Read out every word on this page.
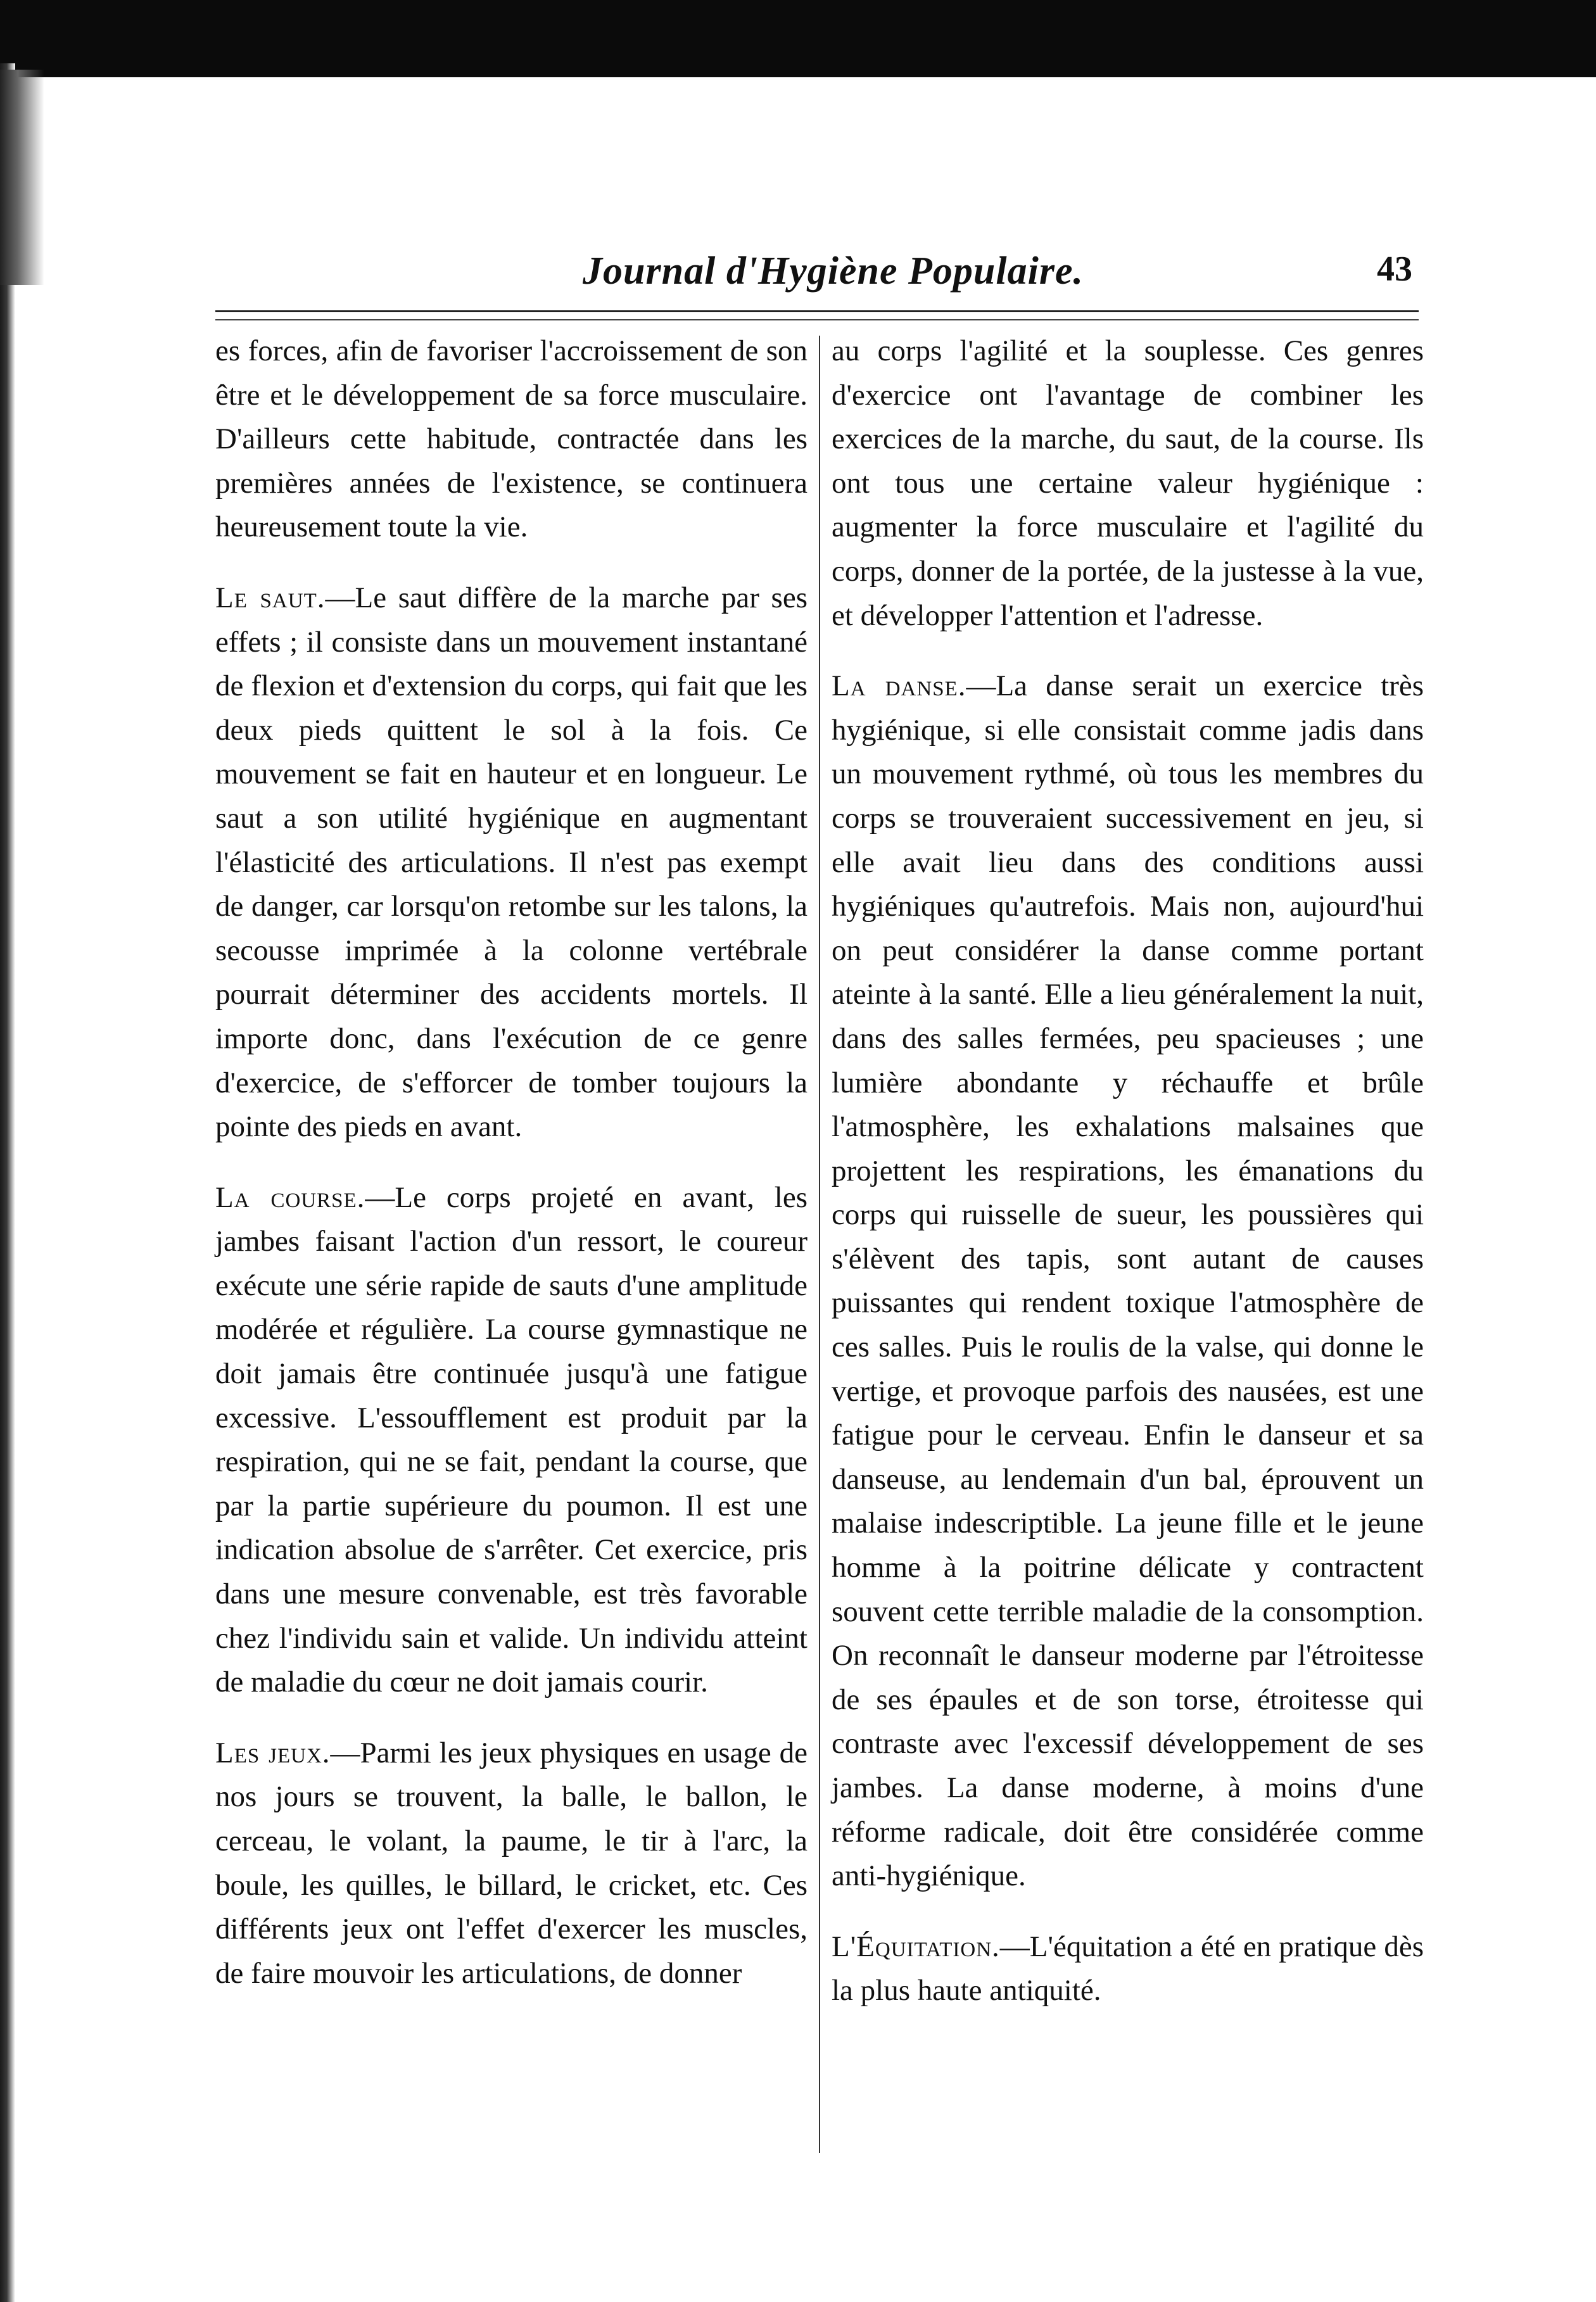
Journal d'Hygiène Populaire.	43

es forces, afin de favoriser l'accroissement de son être et le développement de sa force musculaire. D'ailleurs cette habitude, contractée dans les premières années de l'existence, se continuera heureusement toute la vie.

Le saut.—Le saut diffère de la marche par ses effets ; il consiste dans un mouvement instantané de flexion et d'extension du corps, qui fait que les deux pieds quittent le sol à la fois. Ce mouvement se fait en hauteur et en longueur. Le saut a son utilité hygiénique en augmentant l'élasticité des articulations. Il n'est pas exempt de danger, car lorsqu'on retombe sur les talons, la secousse imprimée à la colonne vertébrale pourrait déterminer des accidents mortels. Il importe donc, dans l'exécution de ce genre d'exercice, de s'efforcer de tomber toujours la pointe des pieds en avant.

La course.—Le corps projeté en avant, les jambes faisant l'action d'un ressort, le coureur exécute une série rapide de sauts d'une amplitude modérée et régulière. La course gymnastique ne doit jamais être continuée jusqu'à une fatigue excessive. L'essoufflement est produit par la respiration, qui ne se fait, pendant la course, que par la partie supérieure du poumon. Il est une indication absolue de s'arrêter. Cet exercice, pris dans une mesure convenable, est très favorable chez l'individu sain et valide. Un individu atteint de maladie du cœur ne doit jamais courir.

Les jeux.—Parmi les jeux physiques en usage de nos jours se trouvent, la balle, le ballon, le cerceau, le volant, la paume, le tir à l'arc, la boule, les quilles, le billard, le cricket, etc. Ces différents jeux ont l'effet d'exercer les muscles, de faire mouvoir les articulations, de donner

au corps l'agilité et la souplesse. Ces genres d'exercice ont l'avantage de combiner les exercices de la marche, du saut, de la course. Ils ont tous une certaine valeur hygiénique : augmenter la force musculaire et l'agilité du corps, donner de la portée, de la justesse à la vue, et développer l'attention et l'adresse.

La danse.—La danse serait un exercice très hygiénique, si elle consistait comme jadis dans un mouvement rythmé, où tous les membres du corps se trouveraient successivement en jeu, si elle avait lieu dans des conditions aussi hygiéniques qu'autrefois. Mais non, aujourd'hui on peut considérer la danse comme portant ateinte à la santé. Elle a lieu généralement la nuit, dans des salles fermées, peu spacieuses ; une lumière abondante y réchauffe et brûle l'atmosphère, les exhalations malsaines que projettent les respirations, les émanations du corps qui ruisselle de sueur, les poussières qui s'élèvent des tapis, sont autant de causes puissantes qui rendent toxique l'atmosphère de ces salles. Puis le roulis de la valse, qui donne le vertige, et provoque parfois des nausées, est une fatigue pour le cerveau. Enfin le danseur et sa danseuse, au lendemain d'un bal, éprouvent un malaise indescriptible. La jeune fille et le jeune homme à la poitrine délicate y contractent souvent cette terrible maladie de la consomption. On reconnaît le danseur moderne par l'étroitesse de ses épaules et de son torse, étroitesse qui contraste avec l'excessif développement de ses jambes. La danse moderne, à moins d'une réforme radicale, doit être considérée comme anti-hygiénique.

L'Équitation.—L'équitation a été en pratique dès la plus haute antiquité.
